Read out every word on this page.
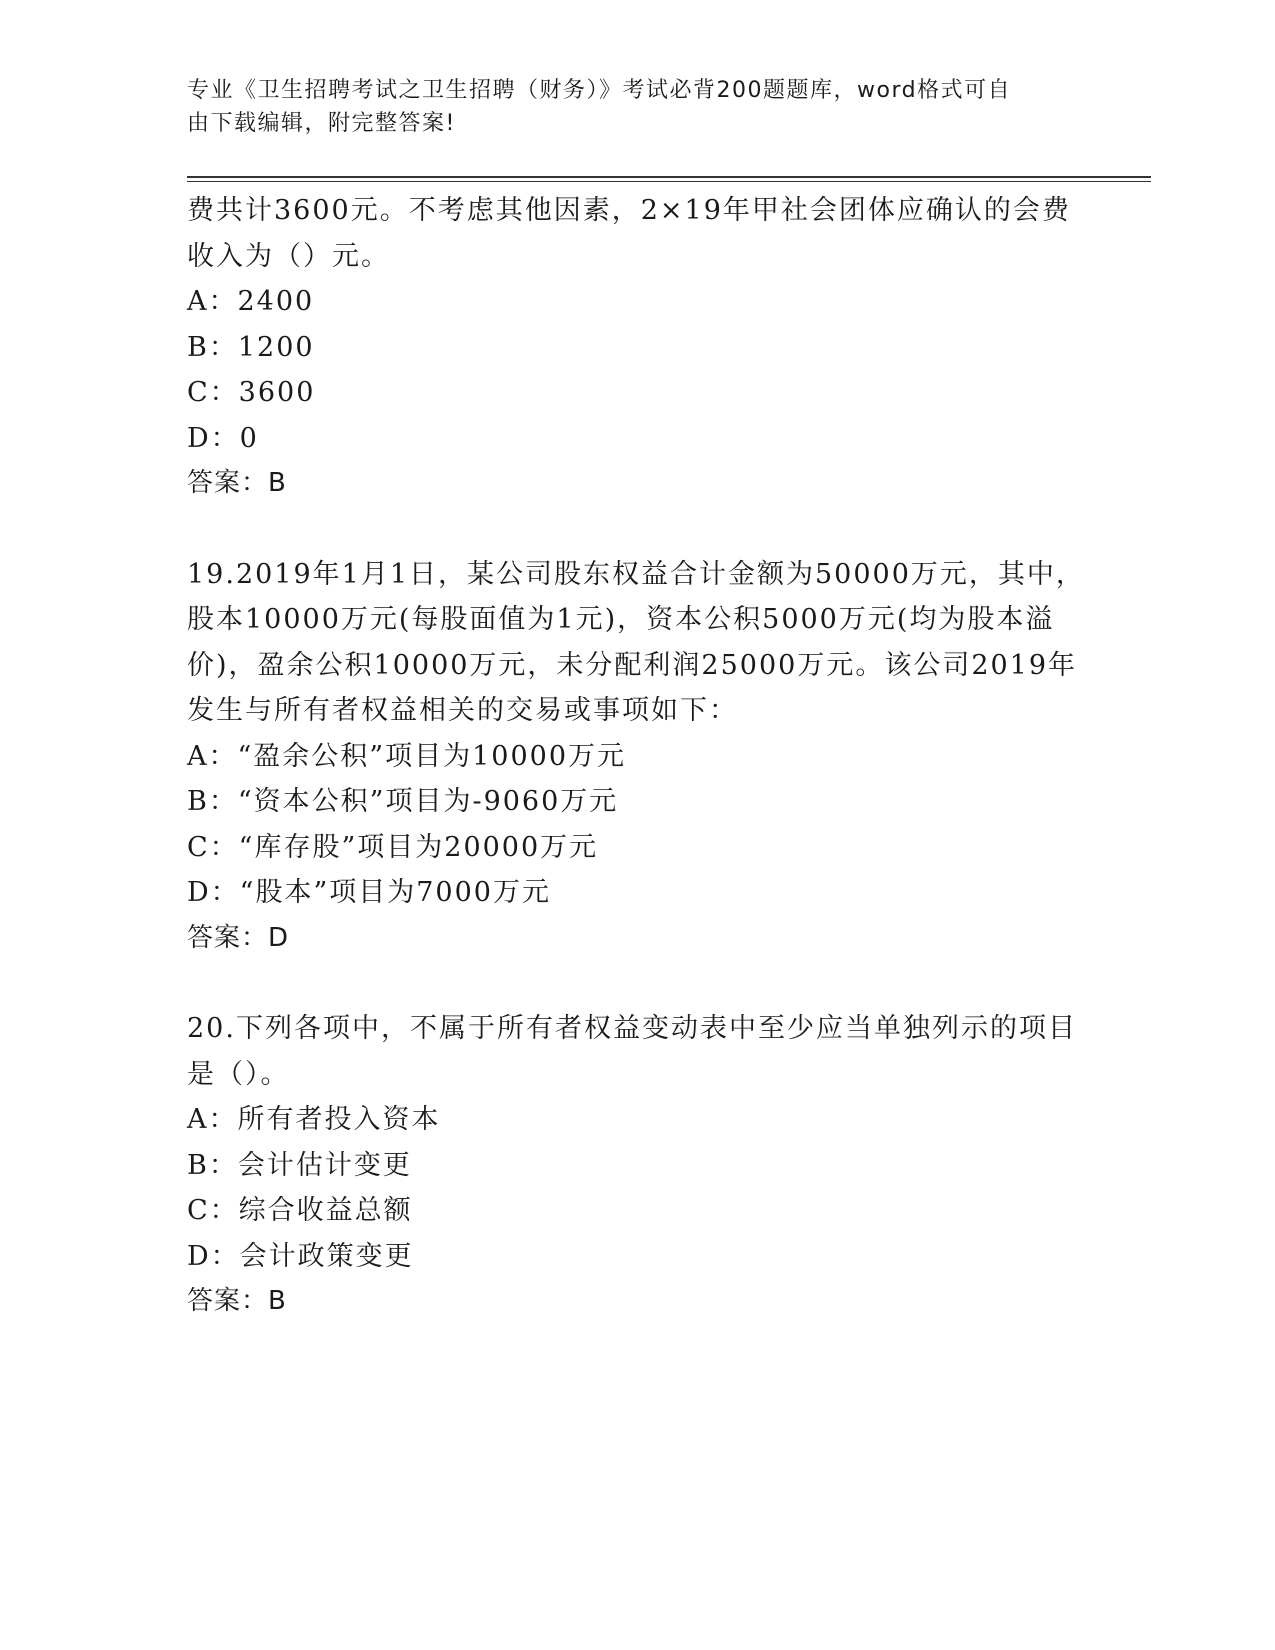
专业《卫生招聘考试之卫生招聘（财务）》考试必背200题题库，word格式可自
由下载编辑，附完整答案!
费共计3600元。不考虑其他因素，2×19年甲社会团体应确认的会费
收入为（）元。
A：2400
B：1200
C：3600
D：0
答案：B
19.2019年1月1日，某公司股东权益合计金额为50000万元，其中，
股本10000万元(每股面值为1元)，资本公积5000万元(均为股本溢
价)，盈余公积10000万元，未分配利润25000万元。该公司2019年
发生与所有者权益相关的交易或事项如下：
A：“盈余公积”项目为10000万元
B：“资本公积”项目为-9060万元
C：“库存股”项目为20000万元
D：“股本”项目为7000万元
答案：D
20.下列各项中，不属于所有者权益变动表中至少应当单独列示的项目
是（）。
A：所有者投入资本
B：会计估计变更
C：综合收益总额
D：会计政策变更
答案：B
